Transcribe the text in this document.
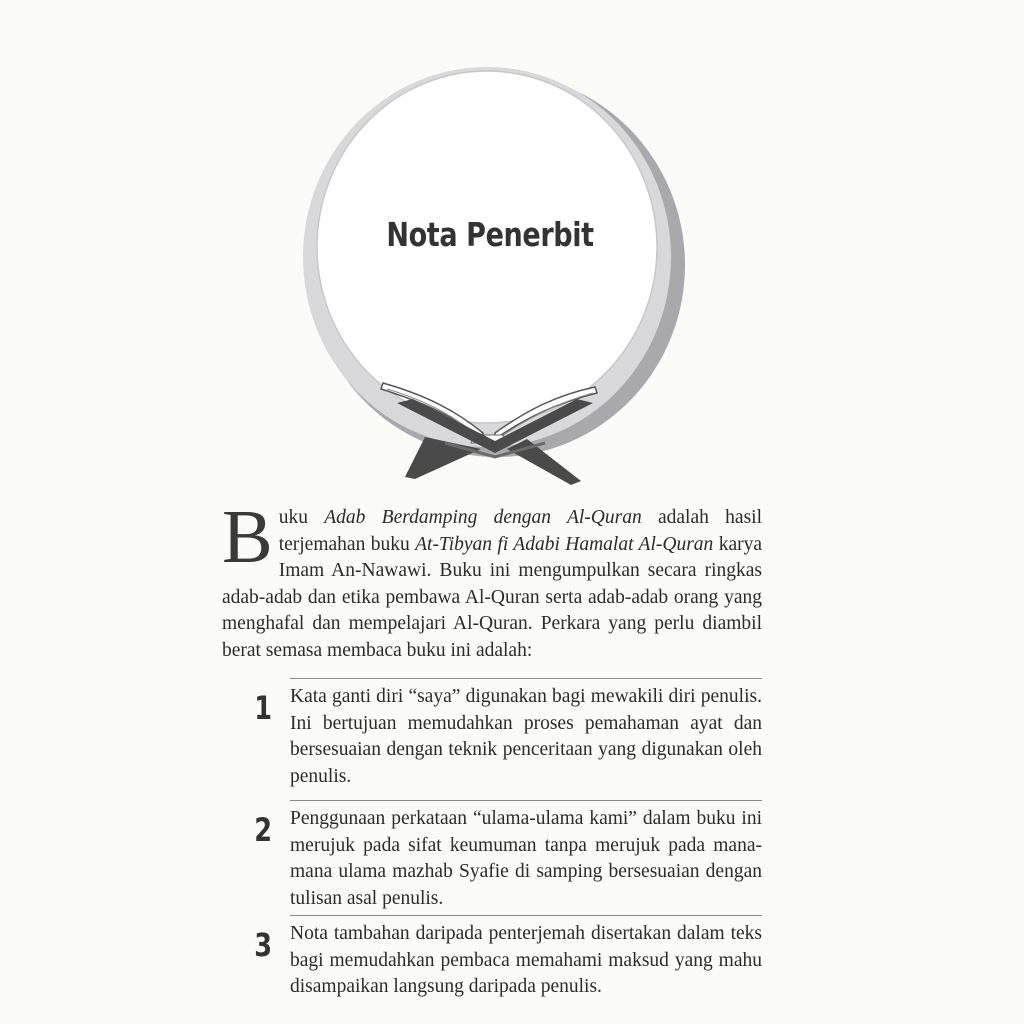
Nota Penerbit
Buku Adab Berdamping dengan Al-Quran adalah hasil terjemahan buku At-Tibyan fi Adabi Hamalat Al-Quran karya Imam An-Nawawi. Buku ini mengumpulkan secara ringkas adab-adab dan etika pembawa Al-Quran serta adab-adab orang yang menghafal dan mempelajari Al-Quran. Perkara yang perlu diambil berat semasa membaca buku ini adalah:
1 Kata ganti diri “saya” digunakan bagi mewakili diri penulis. Ini bertujuan memudahkan proses pemahaman ayat dan bersesuaian dengan teknik penceritaan yang digunakan oleh penulis.
2 Penggunaan perkataan “ulama-ulama kami” dalam buku ini merujuk pada sifat keumuman tanpa merujuk pada mana-mana ulama mazhab Syafie di samping bersesuaian dengan tulisan asal penulis.
3 Nota tambahan daripada penterjemah disertakan dalam teks bagi memudahkan pembaca memahami maksud yang mahu disampaikan langsung daripada penulis.
